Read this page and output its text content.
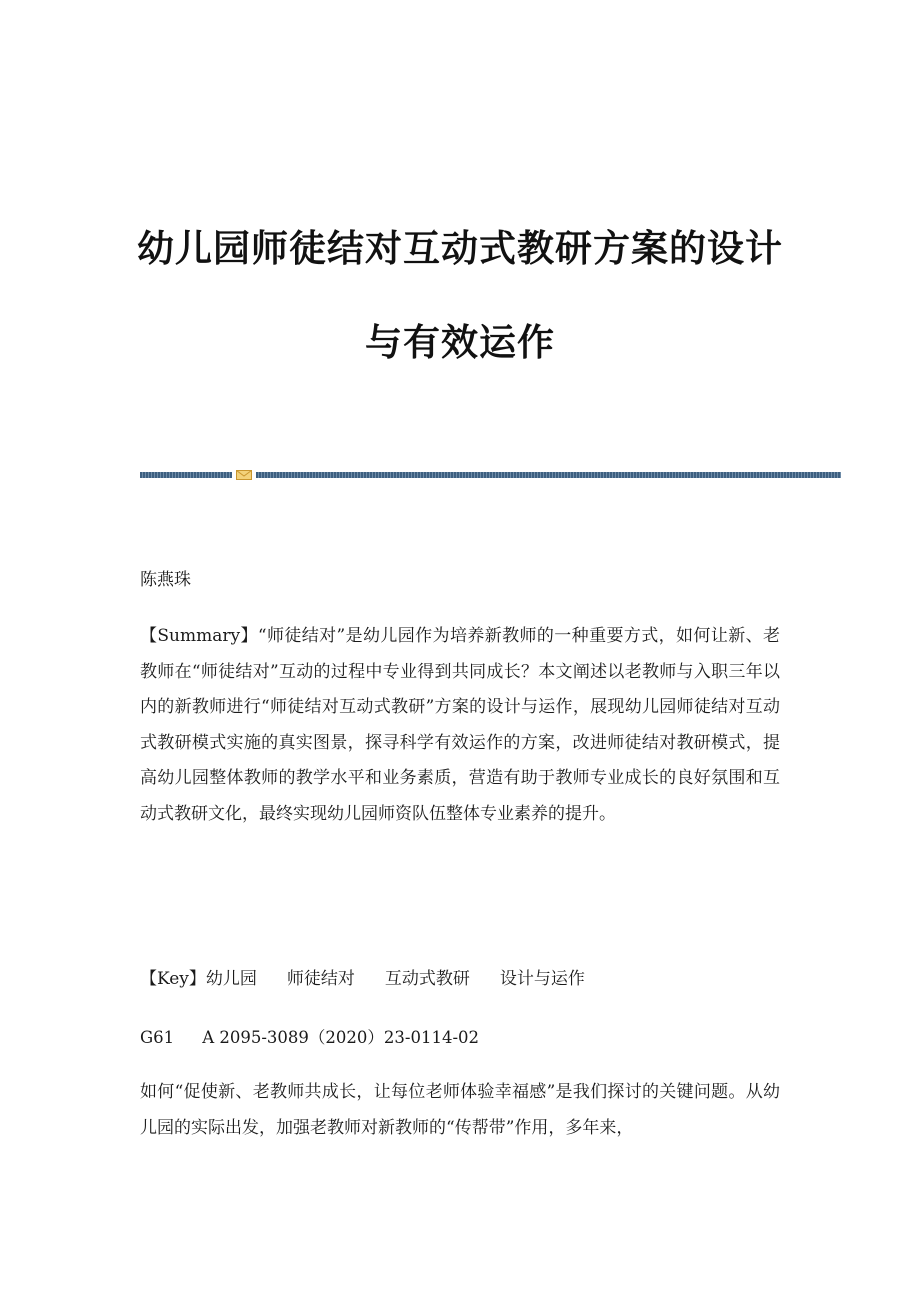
幼儿园师徒结对互动式教研方案的设计
与有效运作

陈燕珠

【Summary】“师徒结对”是幼儿园作为培养新教师的一种重要方式，如何让新、老教师在“师徒结对”互动的过程中专业得到共同成长？本文阐述以老教师与入职三年以内的新教师进行“师徒结对互动式教研”方案的设计与运作，展现幼儿园师徒结对互动式教研模式实施的真实图景，探寻科学有效运作的方案，改进师徒结对教研模式，提高幼儿园整体教师的教学水平和业务素质，营造有助于教师专业成长的良好氛围和互动式教研文化，最终实现幼儿园师资队伍整体专业素养的提升。

【Key】幼儿园 师徒结对 互动式教研 设计与运作

G61 A 2095-3089（2020）23-0114-02

如何“促使新、老教师共成长，让每位老师体验幸福感”是我们探讨的关键问题。从幼儿园的实际出发，加强老教师对新教师的“传帮带”作用，多年来，
